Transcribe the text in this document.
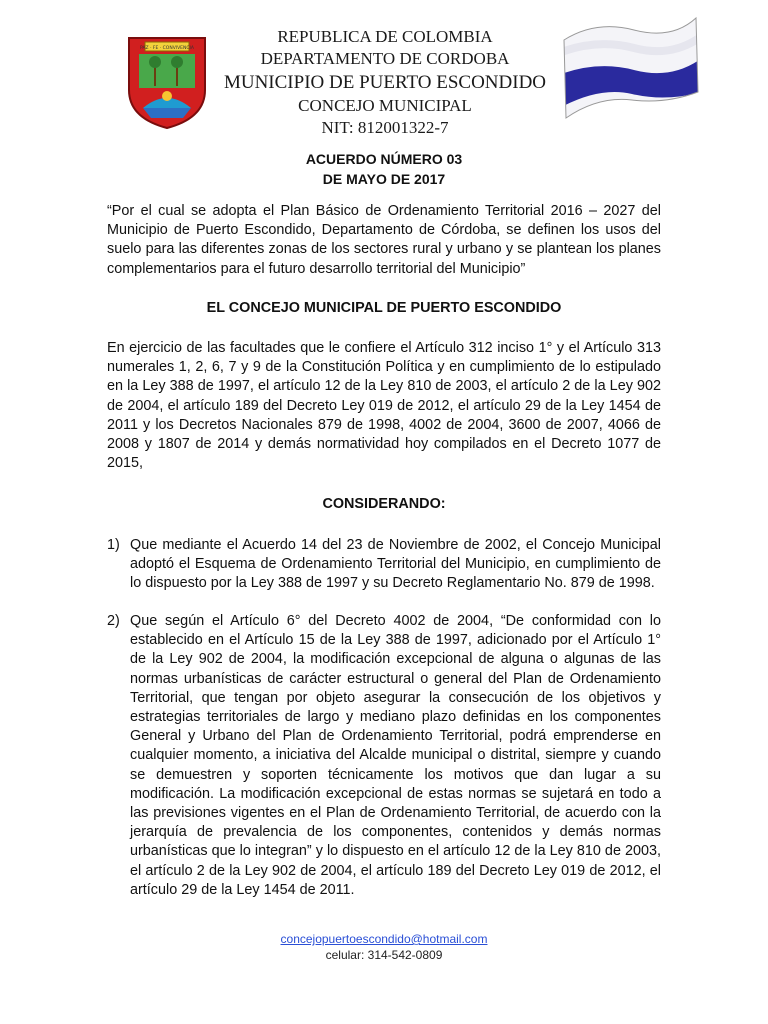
PAZ · FE · CONVIVENCIA
REPUBLICA DE COLOMBIA
DEPARTAMENTO DE CORDOBA
MUNICIPIO DE PUERTO ESCONDIDO
CONCEJO MUNICIPAL
NIT: 812001322-7
ACUERDO NÚMERO 03
DE MAYO DE 2017
“Por el cual se adopta el Plan Básico de Ordenamiento Territorial 2016 – 2027 del Municipio de Puerto Escondido, Departamento de Córdoba, se definen los usos del suelo para las diferentes zonas de los sectores rural y urbano y se plantean los planes complementarios para el futuro desarrollo territorial del Municipio”
EL CONCEJO MUNICIPAL DE PUERTO ESCONDIDO
En ejercicio de las facultades que le confiere el Artículo 312 inciso 1° y el Artículo 313 numerales 1, 2, 6, 7 y 9 de la Constitución Política y en cumplimiento de lo estipulado en la Ley 388 de 1997, el artículo 12 de la Ley 810 de 2003, el artículo 2 de la Ley 902 de 2004, el artículo 189 del Decreto Ley 019 de 2012, el artículo 29 de la Ley 1454 de 2011 y los Decretos Nacionales 879 de 1998, 4002 de 2004, 3600 de 2007, 4066 de 2008 y 1807 de 2014 y demás normatividad hoy compilados en el Decreto 1077 de 2015,
CONSIDERANDO:
1) Que mediante el Acuerdo 14 del 23 de Noviembre de 2002, el Concejo Municipal adoptó el Esquema de Ordenamiento Territorial del Municipio, en cumplimiento de lo dispuesto por la Ley 388 de 1997 y su Decreto Reglamentario No. 879 de 1998.
2) Que según el Artículo 6° del Decreto 4002 de 2004, “De conformidad con lo establecido en el Artículo 15 de la Ley 388 de 1997, adicionado por el Artículo 1° de la Ley 902 de 2004, la modificación excepcional de alguna o algunas de las normas urbanísticas de carácter estructural o general del Plan de Ordenamiento Territorial, que tengan por objeto asegurar la consecución de los objetivos y estrategias territoriales de largo y mediano plazo definidas en los componentes General y Urbano del Plan de Ordenamiento Territorial, podrá emprenderse en cualquier momento, a iniciativa del Alcalde municipal o distrital, siempre y cuando se demuestren y soporten técnicamente los motivos que dan lugar a su modificación. La modificación excepcional de estas normas se sujetará en todo a las previsiones vigentes en el Plan de Ordenamiento Territorial, de acuerdo con la jerarquía de prevalencia de los componentes, contenidos y demás normas urbanísticas que lo integran” y lo dispuesto en el artículo 12 de la Ley 810 de 2003, el artículo 2 de la Ley 902 de 2004, el artículo 189 del Decreto Ley 019 de 2012, el artículo 29 de la Ley 1454 de 2011.
concejopuertoescondido@hotmail.com
celular: 314-542-0809
